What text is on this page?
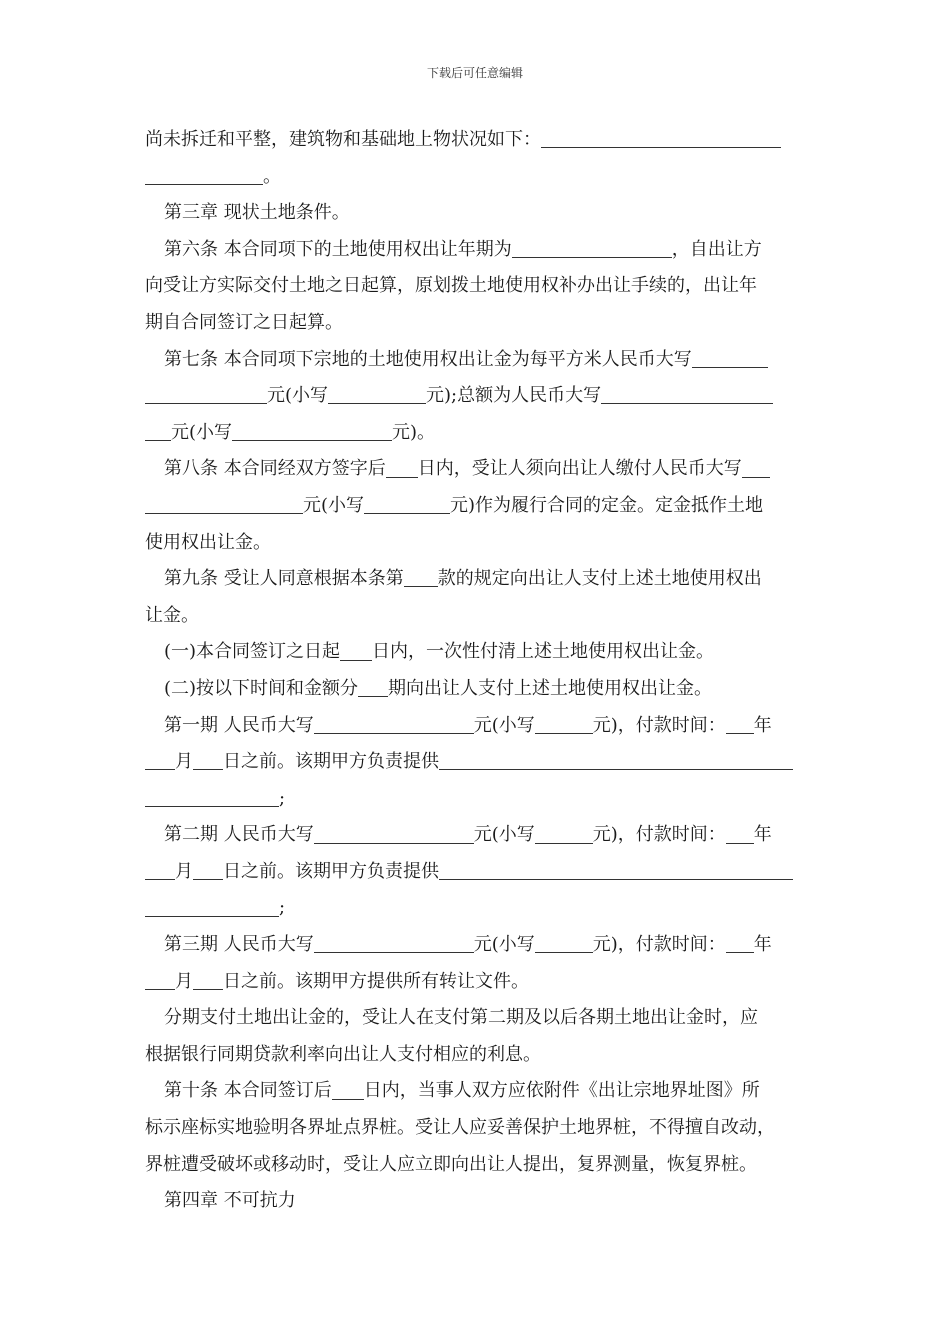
下载后可任意编辑
尚未拆迁和平整，建筑物和基础地上物状况如下：
。
第三章 现状土地条件。
第六条 本合同项下的土地使用权出让年期为	，自出让方
向受让方实际交付土地之日起算，原划拨土地使用权补办出让手续的，出让年
期自合同签订之日起算。
第七条 本合同项下宗地的土地使用权出让金为每平方米人民币大写
元(小写	元);总额为人民币大写
元(小写	元)。
第八条 本合同经双方签字后 日内，受让人须向出让人缴付人民币大写
元(小写	元)作为履行合同的定金。定金抵作土地
使用权出让金。
第九条 受让人同意根据本条第 款的规定向出让人支付上述土地使用权出
让金。
(一)本合同签订之日起 日内，一次性付清上述土地使用权出让金。
(二)按以下时间和金额分 期向出让人支付上述土地使用权出让金。
第一期 人民币大写	元(小写	元)，付款时间： 年
月 日之前。该期甲方负责提供
;
第二期 人民币大写	元(小写	元)，付款时间： 年
月 日之前。该期甲方负责提供
;
第三期 人民币大写	元(小写	元)，付款时间： 年
月 日之前。该期甲方提供所有转让文件。
分期支付土地出让金的，受让人在支付第二期及以后各期土地出让金时，应
根据银行同期贷款利率向出让人支付相应的利息。
第十条 本合同签订后 日内，当事人双方应依附件《出让宗地界址图》所
标示座标实地验明各界址点界桩。受让人应妥善保护土地界桩，不得擅自改动，
界桩遭受破坏或移动时，受让人应立即向出让人提出，复界测量，恢复界桩。
第四章 不可抗力
